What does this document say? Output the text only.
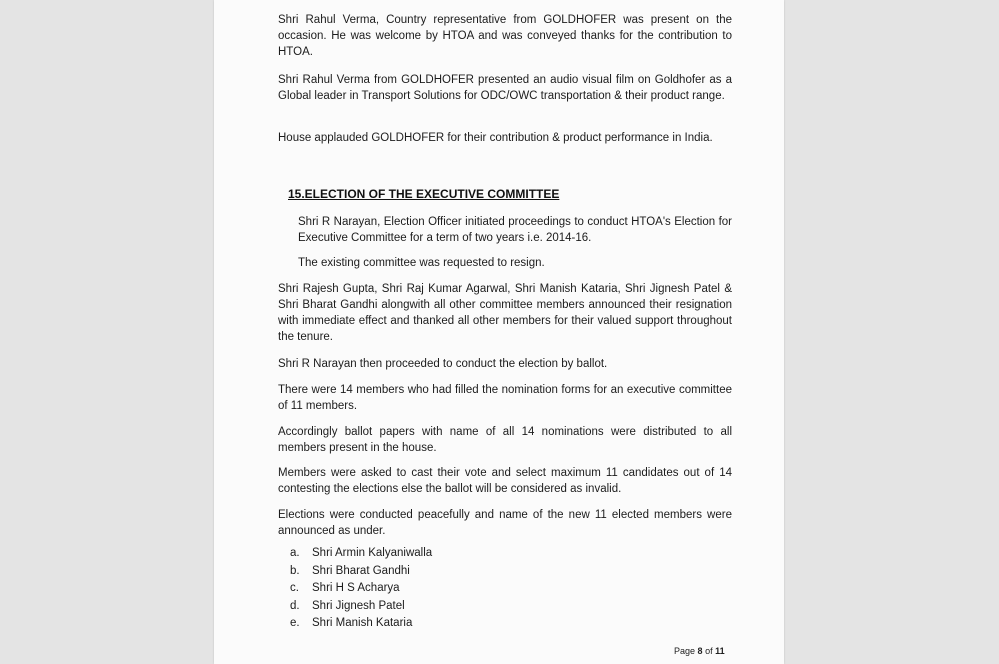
Shri Rahul Verma, Country representative from GOLDHOFER was present on the occasion. He was welcome by HTOA and was conveyed thanks for the contribution to HTOA.

Shri Rahul Verma from GOLDHOFER presented an audio visual film on Goldhofer as a Global leader in Transport Solutions for ODC/OWC transportation & their product range.

House applauded GOLDHOFER for their contribution & product performance in India.

15.ELECTION OF THE EXECUTIVE COMMITTEE

Shri R Narayan, Election Officer initiated proceedings to conduct HTOA's Election for Executive Committee for a term of two years i.e. 2014-16.

The existing committee was requested to resign.

Shri Rajesh Gupta, Shri Raj Kumar Agarwal, Shri Manish Kataria, Shri Jignesh Patel & Shri Bharat Gandhi alongwith all other committee members announced their resignation with immediate effect and thanked all other members for their valued support throughout the tenure.

Shri R Narayan then proceeded to conduct the election by ballot.

There were 14 members who had filled the nomination forms for an executive committee of 11 members.

Accordingly ballot papers with name of all 14 nominations were distributed to all members present in the house.

Members were asked to cast their vote and select maximum 11 candidates out of 14 contesting the elections else the ballot will be considered as invalid.

Elections were conducted peacefully and name of the new 11 elected members were announced as under.

a.	Shri Armin Kalyaniwalla
b.	Shri Bharat Gandhi
c.	Shri H S Acharya
d.	Shri Jignesh Patel
e.	Shri Manish Kataria
Page 8 of 11
